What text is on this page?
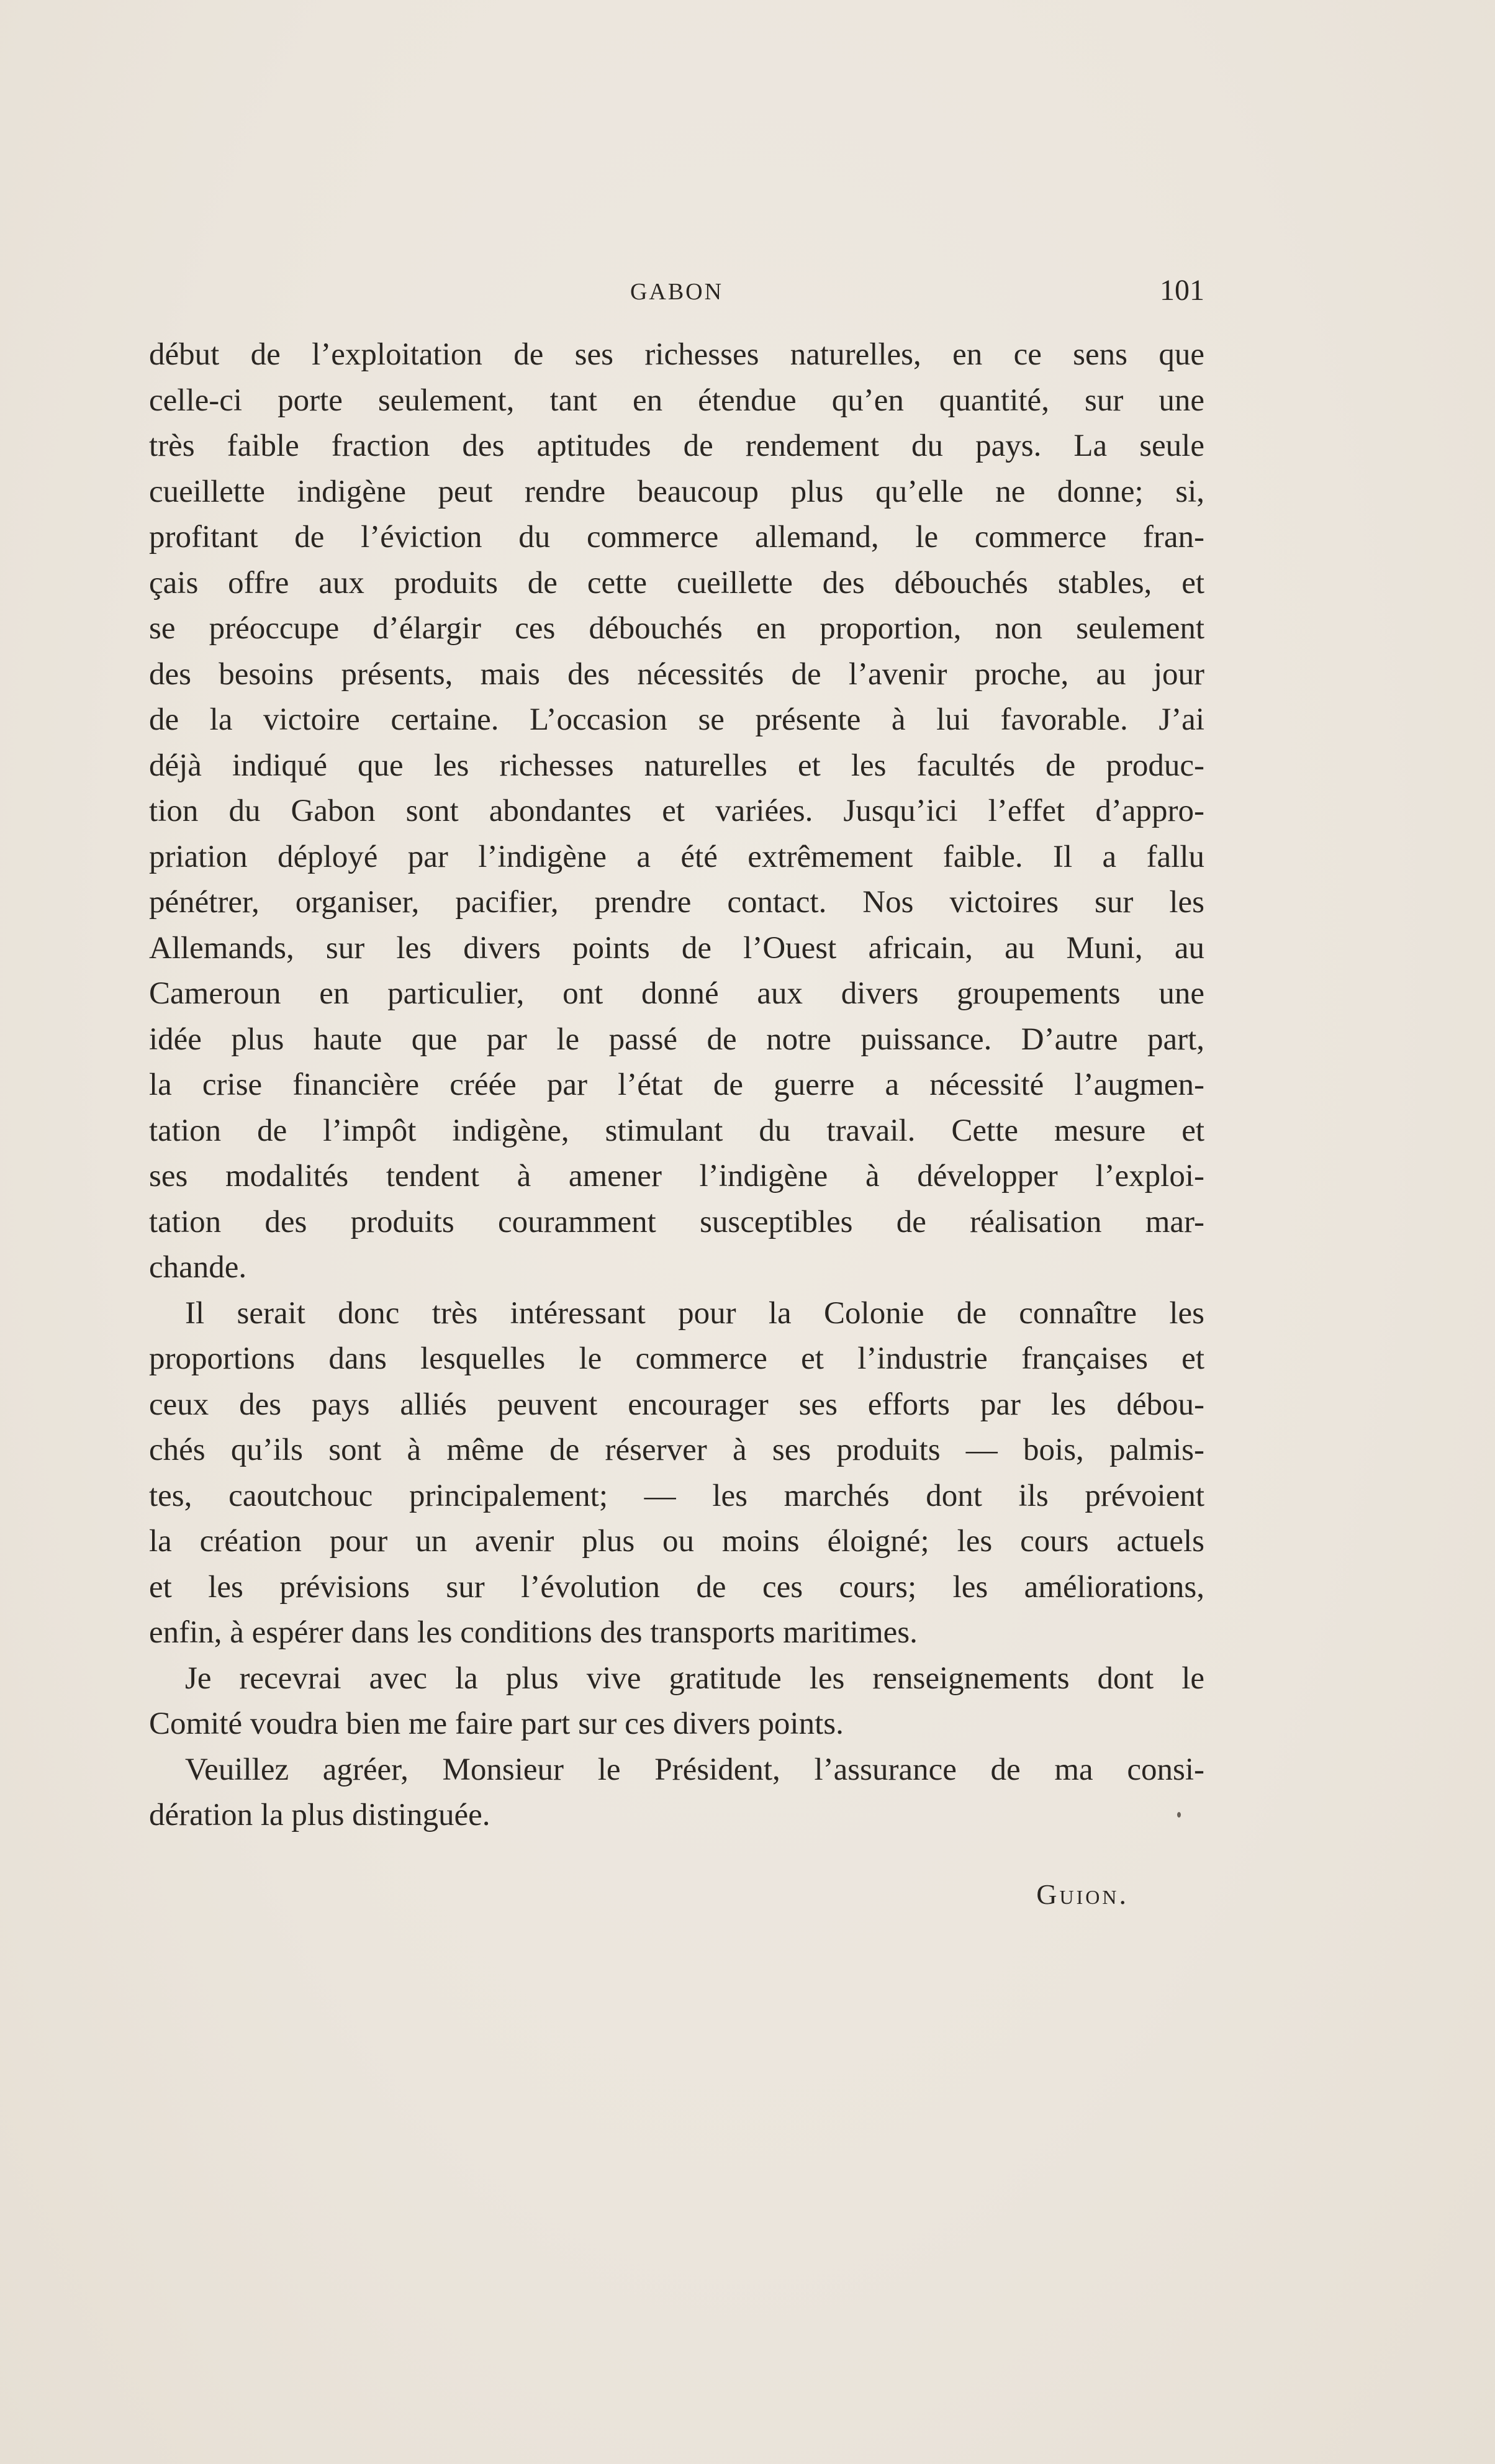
GABON	101
début de l’exploitation de ses richesses naturelles, en ce sens que
celle-ci porte seulement, tant en étendue qu’en quantité, sur une
très faible fraction des aptitudes de rendement du pays. La seule
cueillette indigène peut rendre beaucoup plus qu’elle ne donne; si,
profitant de l’éviction du commerce allemand, le commerce fran-
çais offre aux produits de cette cueillette des débouchés stables, et
se préoccupe d’élargir ces débouchés en proportion, non seulement
des besoins présents, mais des nécessités de l’avenir proche, au jour
de la victoire certaine. L’occasion se présente à lui favorable. J’ai
déjà indiqué que les richesses naturelles et les facultés de produc-
tion du Gabon sont abondantes et variées. Jusqu’ici l’effet d’appro-
priation déployé par l’indigène a été extrêmement faible. Il a fallu
pénétrer, organiser, pacifier, prendre contact. Nos victoires sur les
Allemands, sur les divers points de l’Ouest africain, au Muni, au
Cameroun en particulier, ont donné aux divers groupements une
idée plus haute que par le passé de notre puissance. D’autre part,
la crise financière créée par l’état de guerre a nécessité l’augmen-
tation de l’impôt indigène, stimulant du travail. Cette mesure et
ses modalités tendent à amener l’indigène à développer l’exploi-
tation des produits couramment susceptibles de réalisation mar-
chande.
Il serait donc très intéressant pour la Colonie de connaître les
proportions dans lesquelles le commerce et l’industrie françaises et
ceux des pays alliés peuvent encourager ses efforts par les débou-
chés qu’ils sont à même de réserver à ses produits — bois, palmis-
tes, caoutchouc principalement; — les marchés dont ils prévoient
la création pour un avenir plus ou moins éloigné; les cours actuels
et les prévisions sur l’évolution de ces cours; les améliorations,
enfin, à espérer dans les conditions des transports maritimes.
Je recevrai avec la plus vive gratitude les renseignements dont le
Comité voudra bien me faire part sur ces divers points.
Veuillez agréer, Monsieur le Président, l’assurance de ma consi-
dération la plus distinguée.
Guion.
